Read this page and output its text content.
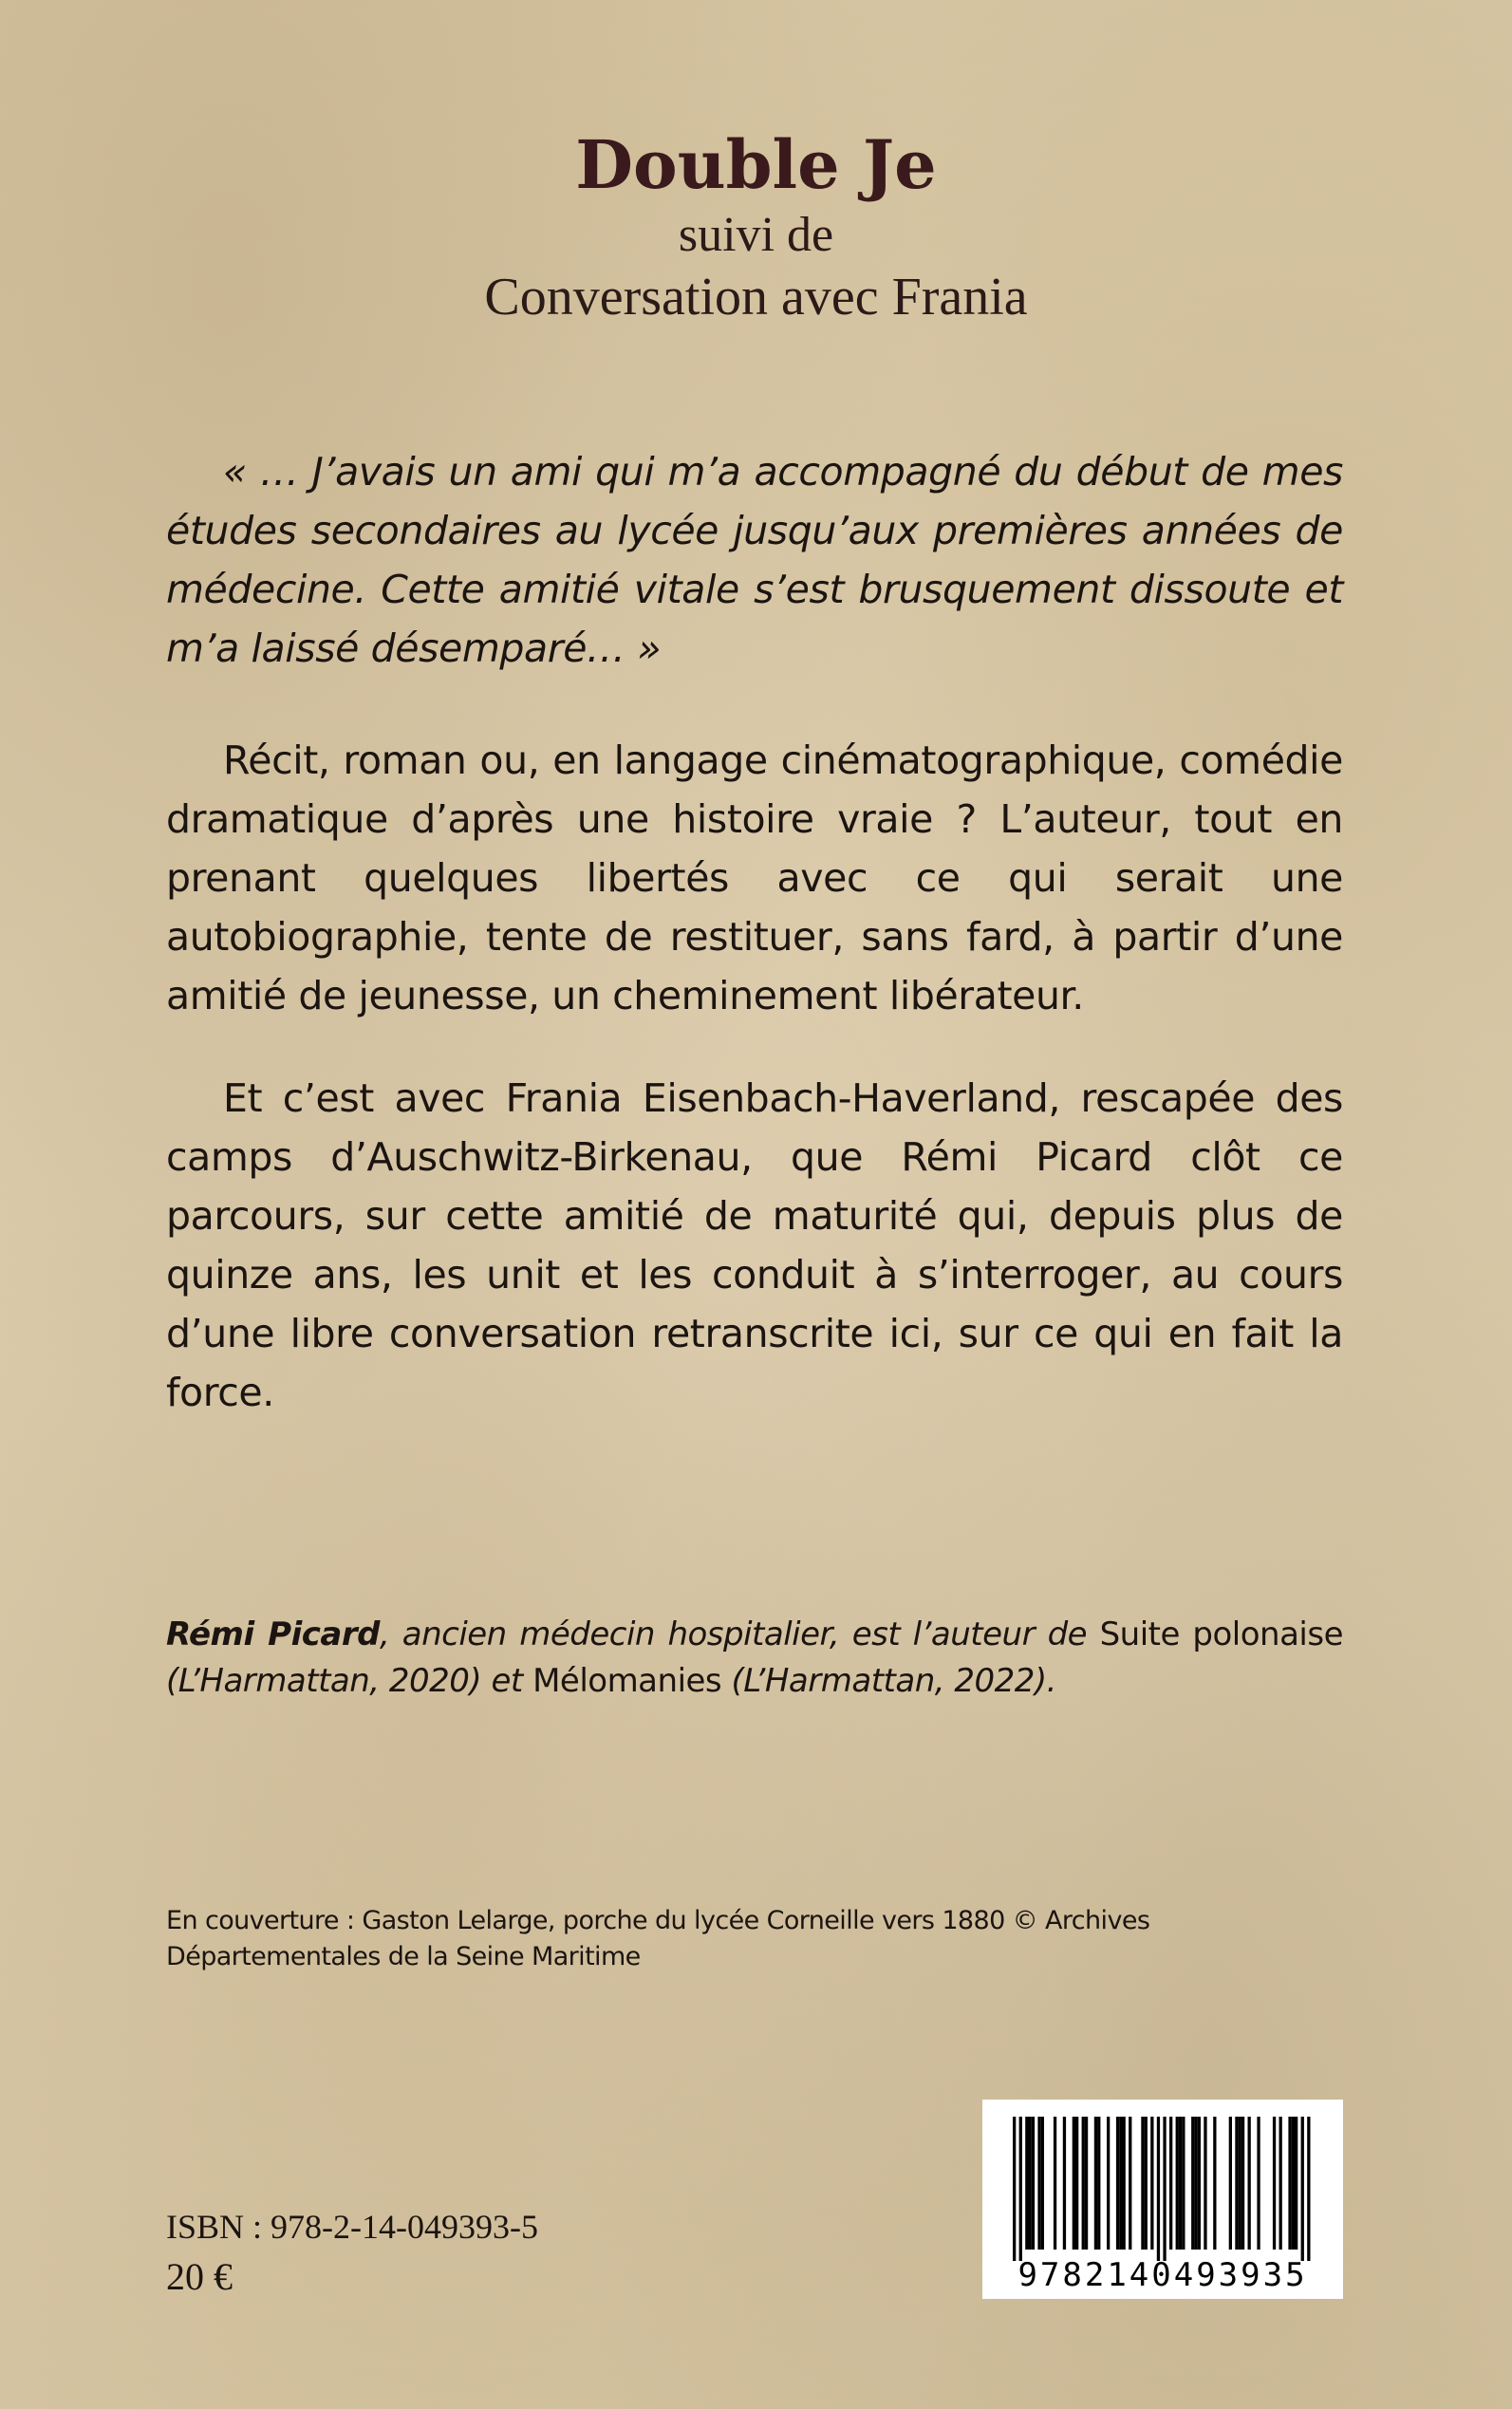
Double Je
suivi de
Conversation avec Frania

« … J’avais un ami qui m’a accompagné du début de mes études secondaires au lycée jusqu’aux premières années de médecine. Cette amitié vitale s’est brusquement dissoute et m’a laissé désemparé… »

Récit, roman ou, en langage cinématographique, comédie dramatique d’après une histoire vraie ? L’auteur, tout en prenant quelques libertés avec ce qui serait une autobiographie, tente de restituer, sans fard, à partir d’une amitié de jeunesse, un cheminement libérateur.

Et c’est avec Frania Eisenbach-Haverland, rescapée des camps d’Auschwitz-Birkenau, que Rémi Picard clôt ce parcours, sur cette amitié de maturité qui, depuis plus de quinze ans, les unit et les conduit à s’interroger, au cours d’une libre conversation retranscrite ici, sur ce qui en fait la force.

Rémi Picard, ancien médecin hospitalier, est l’auteur de Suite polonaise (L’Harmattan, 2020) et Mélomanies (L’Harmattan, 2022).

En couverture : Gaston Lelarge, porche du lycée Corneille vers 1880 © Archives Départementales de la Seine Maritime

ISBN : 978-2-14-049393-5
20 €	9782140493935
